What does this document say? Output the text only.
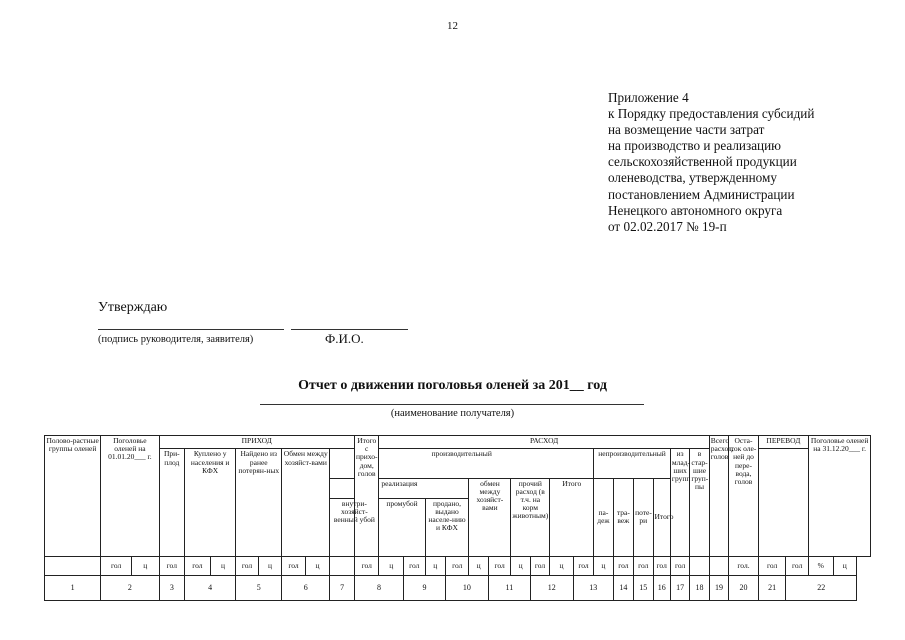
12
Приложение 4
к Порядку предоставления субсидий
на возмещение части затрат
на производство и реализацию
сельскохозяйственной продукции
оленеводства, утвержденному
постановлением Администрации
Ненецкого автономного округа
от 02.02.2017 № 19-п
Утверждаю
(подпись руководителя, заявителя)	Ф.И.О.
Отчет о движении поголовья оленей за 201__ год
(наименование получателя)
Полово-растные группы оленей	Поголовье оленей на 01.01.20___ г.		ПРИХОД								Итого с прихо-дом, голов	РАСХОД																Всего расход, голов	Оста-ток оле-ней до пере-вода, голов	ПЕРЕВОД		Поголовье оленей на 31.12.20___ г.	
			При-плод	Куплено у населения и КФХ		Найдено из ранее потерян-ных		Обмен между хозяйст-вами		производительный												непроизводительный				из млад-ших групп	в стар-шие груп-пы						
										реализация						обмен между хозяйст-вами		прочий расход (в т.ч. на корм животным)		Итого		па-деж	тра-веж	поте-ри	Итого								
										внутри-хозяйст-венный убой		промубой		продано, выдано населе-нию и КФХ																			
	гол	ц	гол	гол	ц	гол	ц	гол	ц		гол	ц	гол	ц	гол	ц	гол	ц	гол	ц	гол	ц	гол	гол	гол	гол			гол.	гол	гол	%	ц
1	2		3	4		5		6		7	8		9		10		11		12		13		14	15	16	17	18	19	20	21	22		
